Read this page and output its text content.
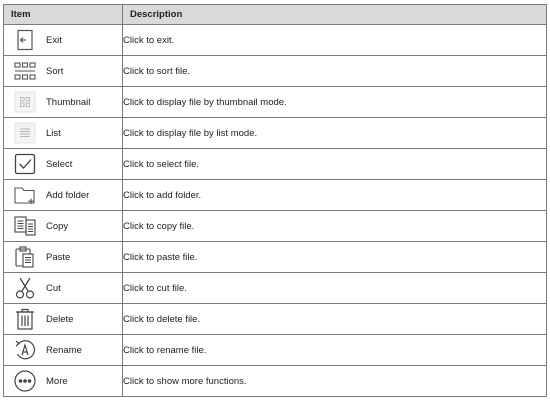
Item	Description

Exit	Click to exit.

Sort	Click to sort file.

Thumbnail	Click to display file by thumbnail mode.

List	Click to display file by list mode.

Select	Click to select file.

Add folder	Click to add folder.

Copy	Click to copy file.

Paste	Click to paste file.

Cut	Click to cut file.

Delete	Click to delete file.

Rename	Click to rename file.

More	Click to show more functions.
